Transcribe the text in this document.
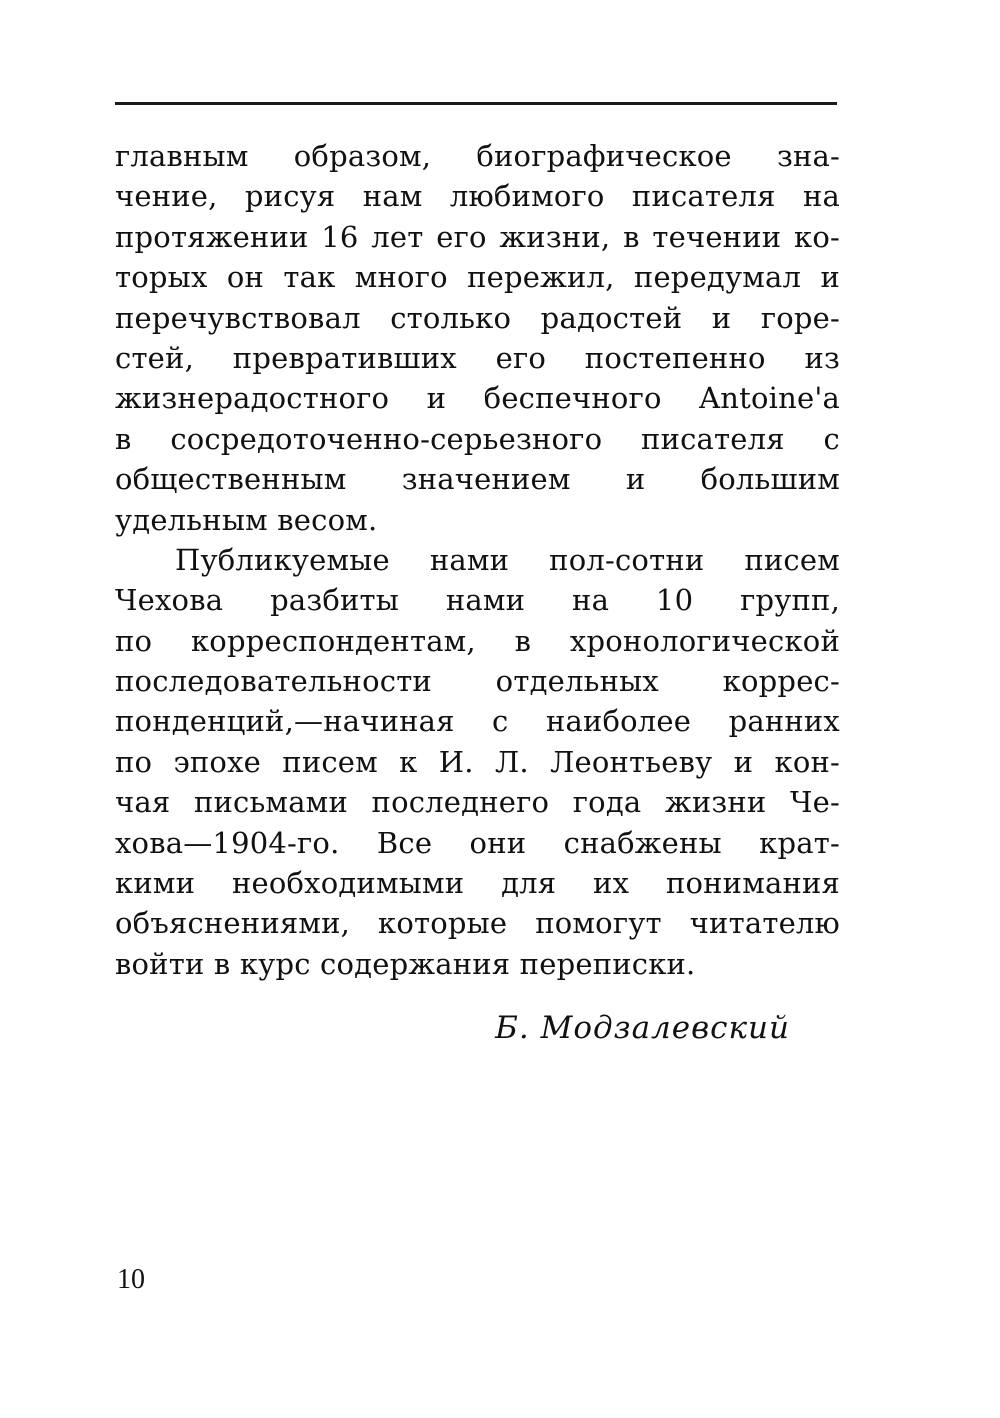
главным образом, биографическое зна-
чение, рисуя нам любимого писателя на
протяжении 16 лет его жизни, в течении ко-
торых он так много пережил, передумал и
перечувствовал столько радостей и горе-
стей, превративших его постепенно из
жизнерадостного и беспечного Antoine'a
в сосредоточенно-серьезного писателя с
общественным значением и большим
удельным весом.
Публикуемые нами пол-сотни писем
Чехова разбиты нами на 10 групп,
по корреспондентам, в хронологической
последовательности отдельных коррес-
понденций,—начиная с наиболее ранних
по эпохе писем к И. Л. Леонтьеву и кон-
чая письмами последнего года жизни Че-
хова—1904-го. Все они снабжены крат-
кими необходимыми для их понимания
объяснениями, которые помогут читателю
войти в курс содержания переписки.
Б. Модзалевский
10
